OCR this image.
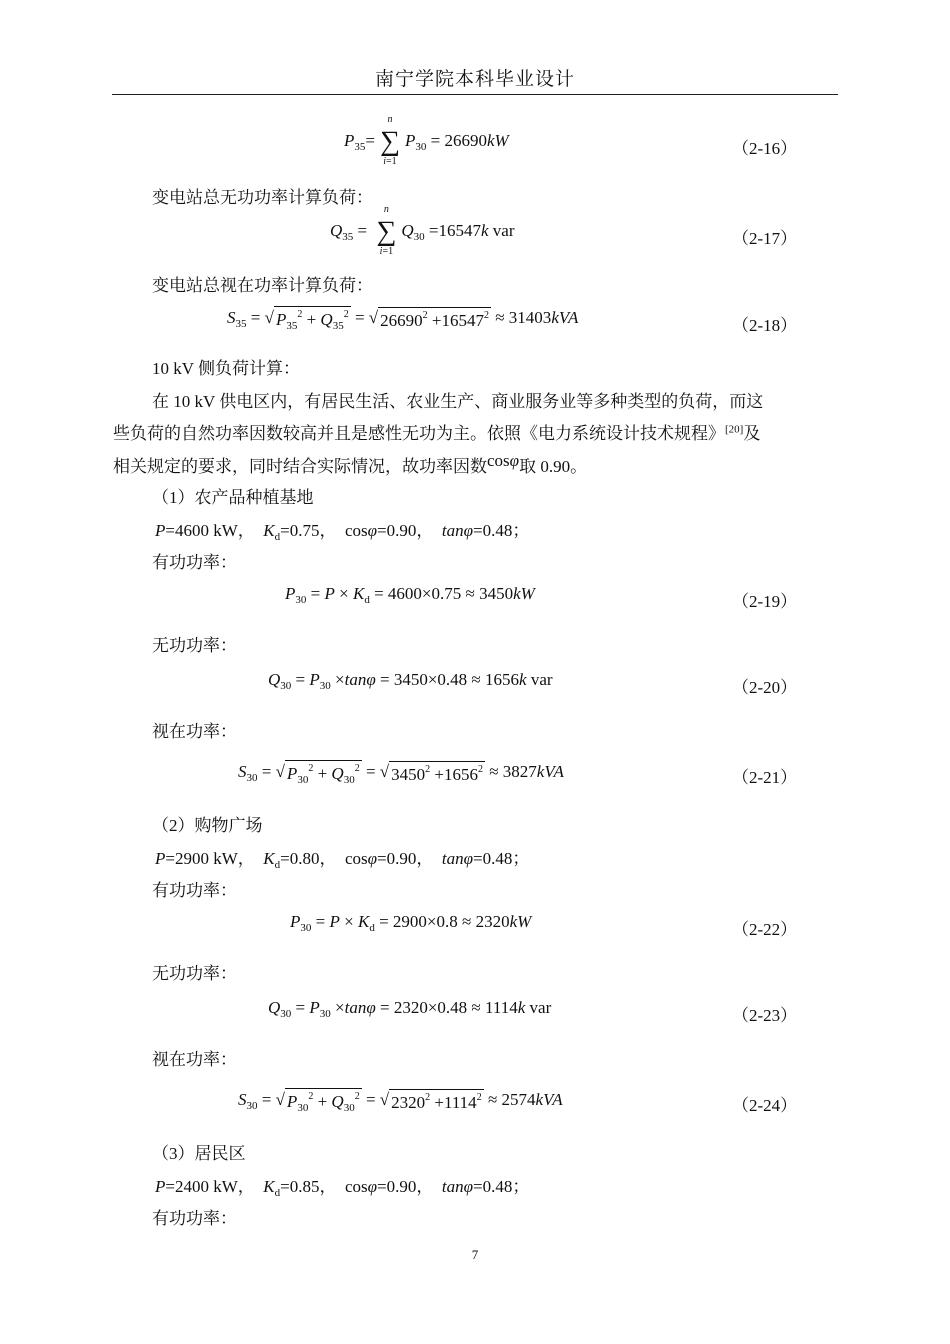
南宁学院本科毕业设计
$P_{35}=$
n
∑
i=1
$P_{30} = 26690kW$	（2-16）
变电站总无功功率计算负荷：
$Q_{35}$ =
n
∑
i=1
$Q_{30} =16547k$ var	（2-17）
变电站总视在功率计算负荷：
$S_{35}$ = √ $P_{35}^2 + Q_{35}^2$ = √ $26690^2 +16547^2 \approx 31403kVA$	（2-18）
10 kV 侧负荷计算：
在 10 kV 供电区内，有居民生活、农业生产、商业服务业等多种类型的负荷，而这
些负荷的自然功率因数较高并且是感性无功为主。依照《电力系统设计技术规程》[20]及
相关规定的要求，同时结合实际情况，故功率因数cosφ取 0.90。
（1）农产品种植基地
P=4600 kW， $K_d=0.75$，  cosφ=0.90， tanφ=0.48；
有功功率：
$P_{30} = P \times K_d = 4600\times 0.75 \approx 3450kW$	（2-19）
无功功率：
$Q_{30} = P_{30} \times\tan\varphi = 3450\times 0.48 \approx 1656k$ var	（2-20）
视在功率：
$S_{30}$ = √ $P_{30}^2 + Q_{30}^2$ = √ $3450^2 +1656^2 \approx 3827kVA$	（2-21）
（2）购物广场
P=2900 kW， $K_d=0.80$，  cosφ=0.90， tanφ=0.48；
有功功率：
$P_{30} = P \times K_d = 2900\times 0.8 \approx 2320kW$	（2-22）
无功功率：
$Q_{30} = P_{30} \times\tan\varphi = 2320\times 0.48 \approx 1114k$ var	（2-23）
视在功率：
$S_{30}$ = √ $P_{30}^2 + Q_{30}^2$ = √ $2320^2 +1114^2 \approx 2574kVA$	（2-24）
（3）居民区
P=2400 kW， $K_d=0.85$，  cosφ=0.90， tanφ=0.48；
有功功率：
7
